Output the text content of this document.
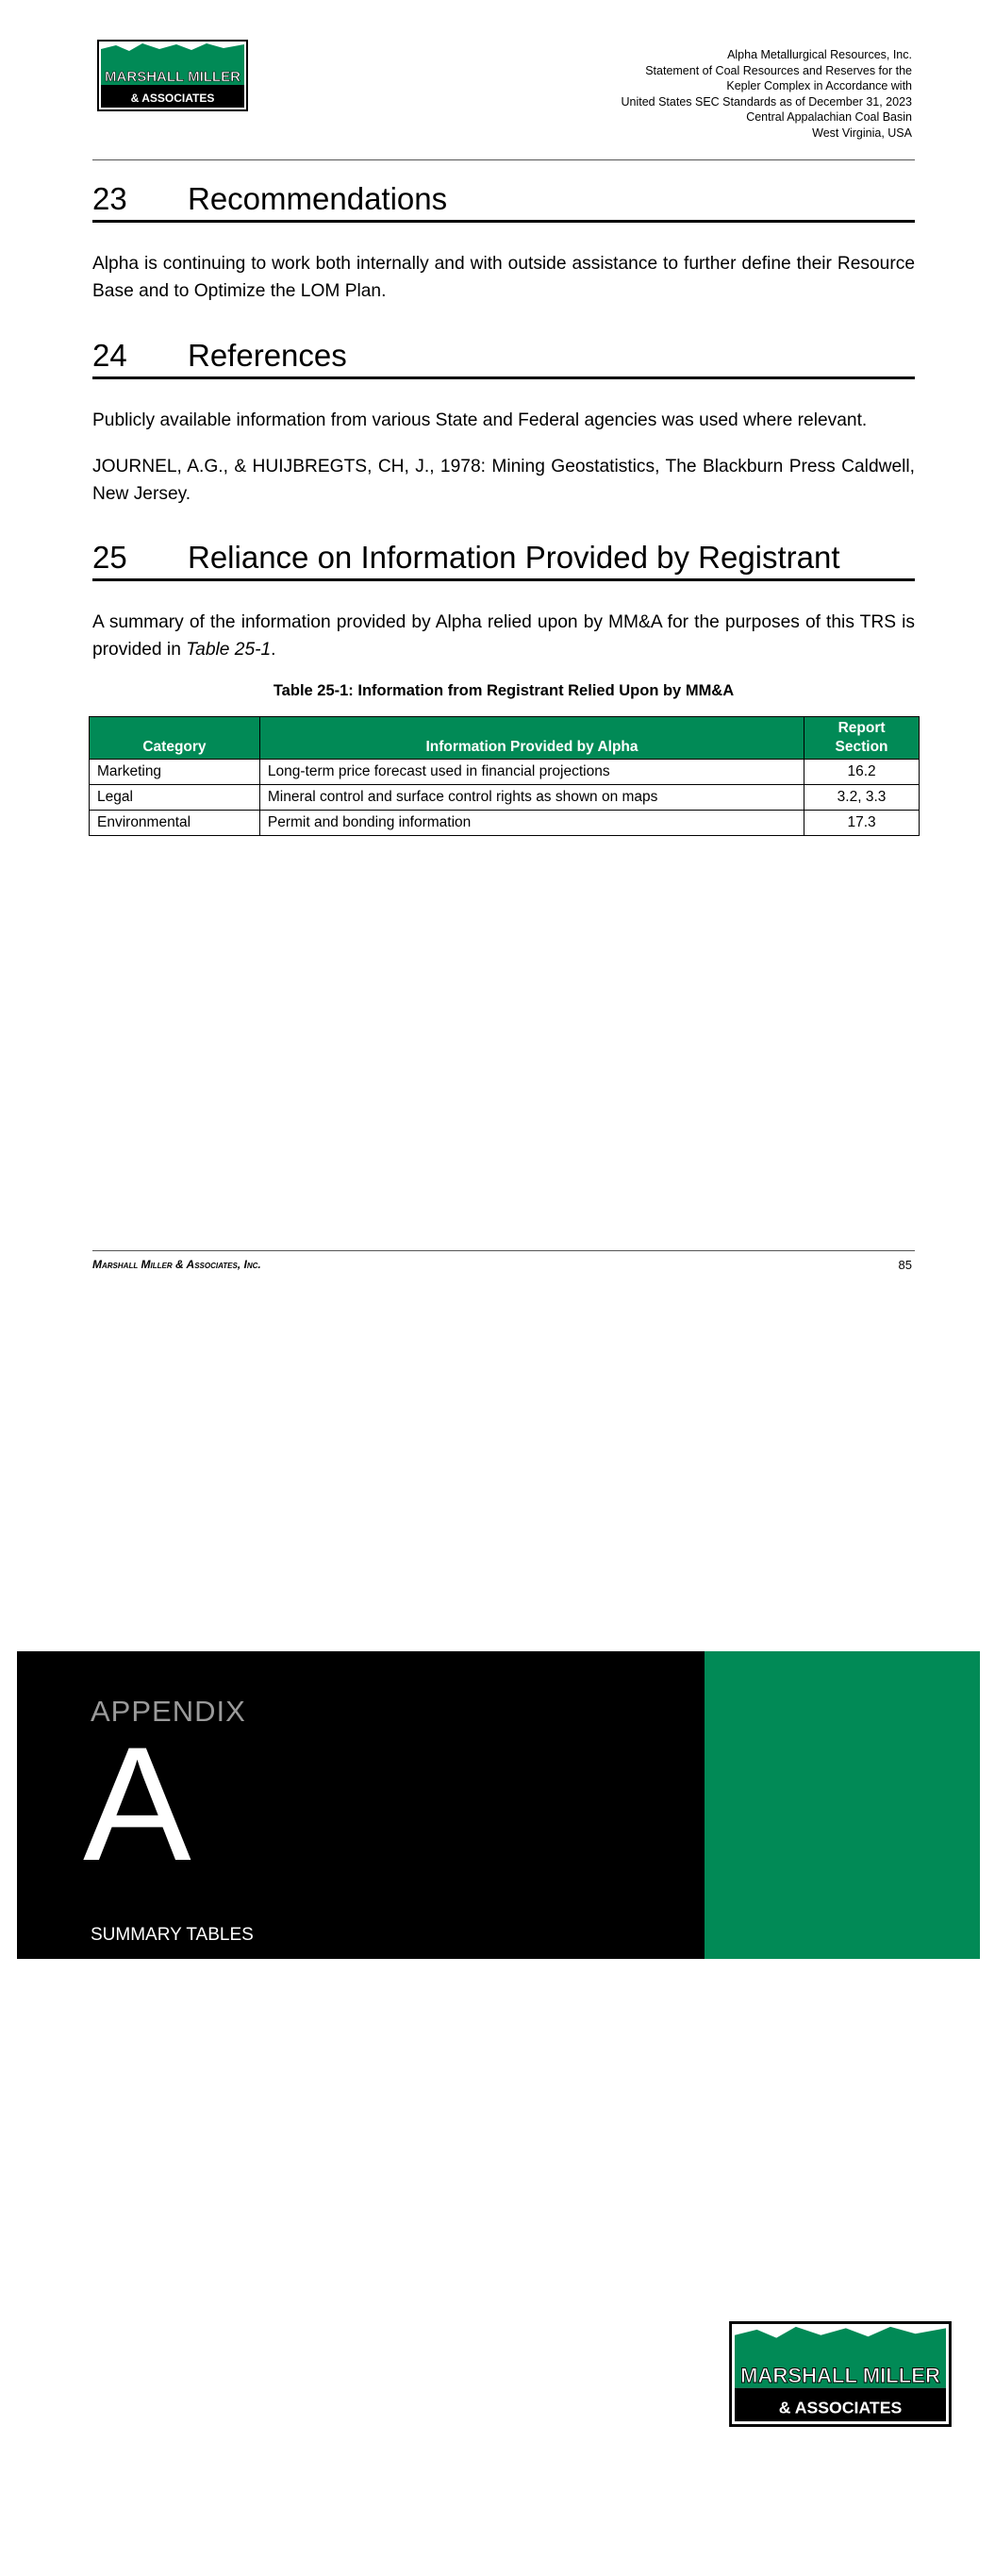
MARSHALL MILLER
& ASSOCIATES
Alpha Metallurgical Resources, Inc.
Statement of Coal Resources and Reserves for the
Kepler Complex in Accordance with
United States SEC Standards as of December 31, 2023
Central Appalachian Coal Basin
West Virginia, USA
23 Recommendations
Alpha is continuing to work both internally and with outside assistance to further define their Resource Base and to Optimize the LOM Plan.
24 References
Publicly available information from various State and Federal agencies was used where relevant.
JOURNEL, A.G., & HUIJBREGTS, CH, J., 1978: Mining Geostatistics, The Blackburn Press Caldwell, New Jersey.
25 Reliance on Information Provided by Registrant
A summary of the information provided by Alpha relied upon by MM&A for the purposes of this TRS is provided in Table 25-1.
Table 25-1: Information from Registrant Relied Upon by MM&A
Category	Information Provided by Alpha	Report Section
Marketing	Long-term price forecast used in financial projections	16.2
Legal	Mineral control and surface control rights as shown on maps	3.2, 3.3
Environmental	Permit and bonding information	17.3
Marshall Miller & Associates, Inc.	85
APPENDIX
A
SUMMARY TABLES
MARSHALL MILLER
& ASSOCIATES
